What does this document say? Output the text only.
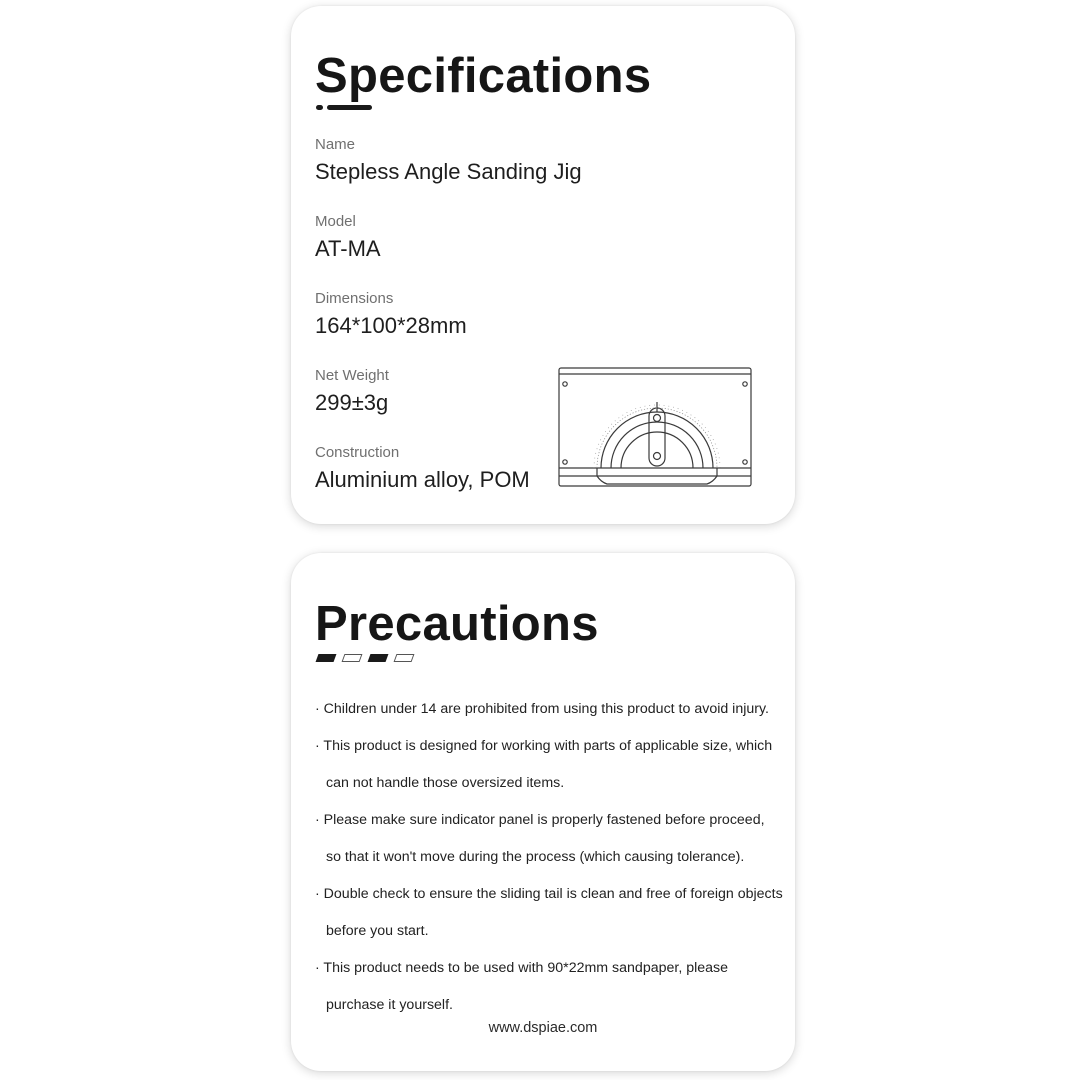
Specifications
Name
Stepless Angle Sanding Jig
Model
AT-MA
Dimensions
164*100*28mm
Net Weight
299±3g
Construction
Aluminium alloy, POM
Precautions
· Children under 14 are prohibited from using this product to avoid injury.
· This product is designed for working with parts of applicable size, which
can not handle those oversized items.
· Please make sure indicator panel is properly fastened before proceed,
so that it won't move during the process (which causing tolerance).
· Double check to ensure the sliding tail is clean and free of foreign objects
before you start.
· This product needs to be used with 90*22mm sandpaper, please
purchase it yourself.

www.dspiae.com
